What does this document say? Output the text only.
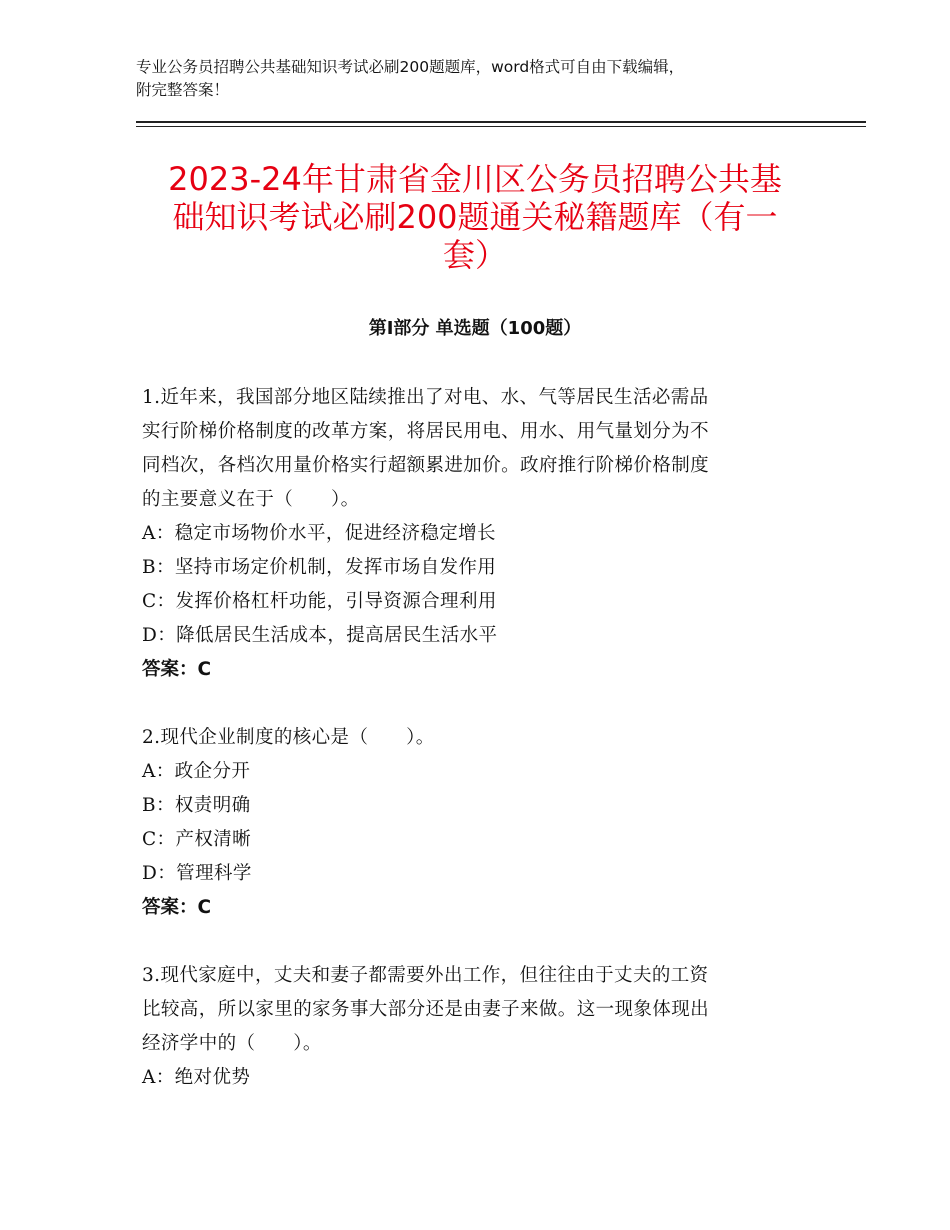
专业公务员招聘公共基础知识考试必刷200题题库，word格式可自由下载编辑，
附完整答案！
2023-24年甘肃省金川区公务员招聘公共基
础知识考试必刷200题通关秘籍题库（有一
套）
第Ⅰ部分 单选题（100题）
1.近年来，我国部分地区陆续推出了对电、水、气等居民生活必需品
实行阶梯价格制度的改革方案，将居民用电、用水、用气量划分为不
同档次，各档次用量价格实行超额累进加价。政府推行阶梯价格制度
的主要意义在于（　　）。
A：稳定市场物价水平，促进经济稳定增长
B：坚持市场定价机制，发挥市场自发作用
C：发挥价格杠杆功能，引导资源合理利用
D：降低居民生活成本，提高居民生活水平
答案：C
2.现代企业制度的核心是（　　）。
A：政企分开
B：权责明确
C：产权清晰
D：管理科学
答案：C
3.现代家庭中，丈夫和妻子都需要外出工作，但往往由于丈夫的工资
比较高，所以家里的家务事大部分还是由妻子来做。这一现象体现出
经济学中的（　　）。
A：绝对优势
